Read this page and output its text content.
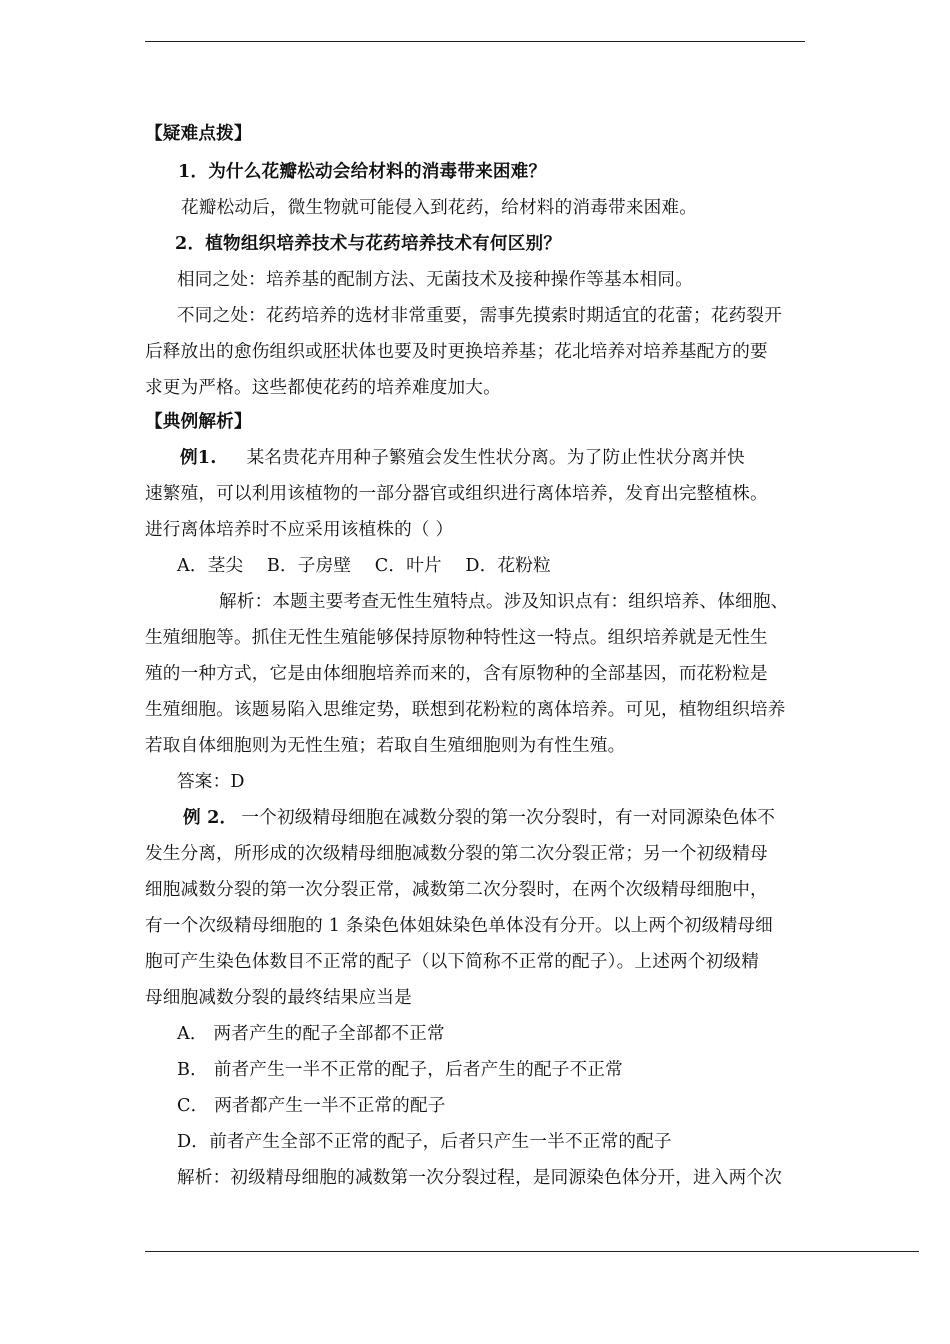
【疑难点拨】
1．为什么花瓣松动会给材料的消毒带来困难？
花瓣松动后，微生物就可能侵入到花药，给材料的消毒带来困难。
2．植物组织培养技术与花药培养技术有何区别？
相同之处：培养基的配制方法、无菌技术及接种操作等基本相同。
不同之处：花药培养的选材非常重要，需事先摸索时期适宜的花蕾；花药裂开
后释放出的愈伤组织或胚状体也要及时更换培养基；花北培养对培养基配方的要
求更为严格。这些都使花药的培养难度加大。
【典例解析】
例1. 某名贵花卉用种子繁殖会发生性状分离。为了防止性状分离并快
速繁殖，可以利用该植物的一部分器官或组织进行离体培养，发育出完整植株。
进行离体培养时不应采用该植株的（ ）
A．茎尖　 B．子房壁　 C．叶片　 D．花粉粒
解析：本题主要考查无性生殖特点。涉及知识点有：组织培养、体细胞、
生殖细胞等。抓住无性生殖能够保持原物种特性这一特点。组织培养就是无性生
殖的一种方式，它是由体细胞培养而来的，含有原物种的全部基因，而花粉粒是
生殖细胞。该题易陷入思维定势，联想到花粉粒的离体培养。可见，植物组织培养
若取自体细胞则为无性生殖；若取自生殖细胞则为有性生殖。
答案：D
例 2． 一个初级精母细胞在减数分裂的第一次分裂时，有一对同源染色体不
发生分离，所形成的次级精母细胞减数分裂的第二次分裂正常；另一个初级精母
细胞减数分裂的第一次分裂正常，减数第二次分裂时，在两个次级精母细胞中，
有一个次级精母细胞的 1 条染色体姐妹染色单体没有分开。以上两个初级精母细
胞可产生染色体数目不正常的配子（以下简称不正常的配子）。上述两个初级精
母细胞减数分裂的最终结果应当是
A． 两者产生的配子全部都不正常
B． 前者产生一半不正常的配子，后者产生的配子不正常
C． 两者都产生一半不正常的配子
D．前者产生全部不正常的配子，后者只产生一半不正常的配子
解析：初级精母细胞的减数第一次分裂过程，是同源染色体分开，进入两个次
